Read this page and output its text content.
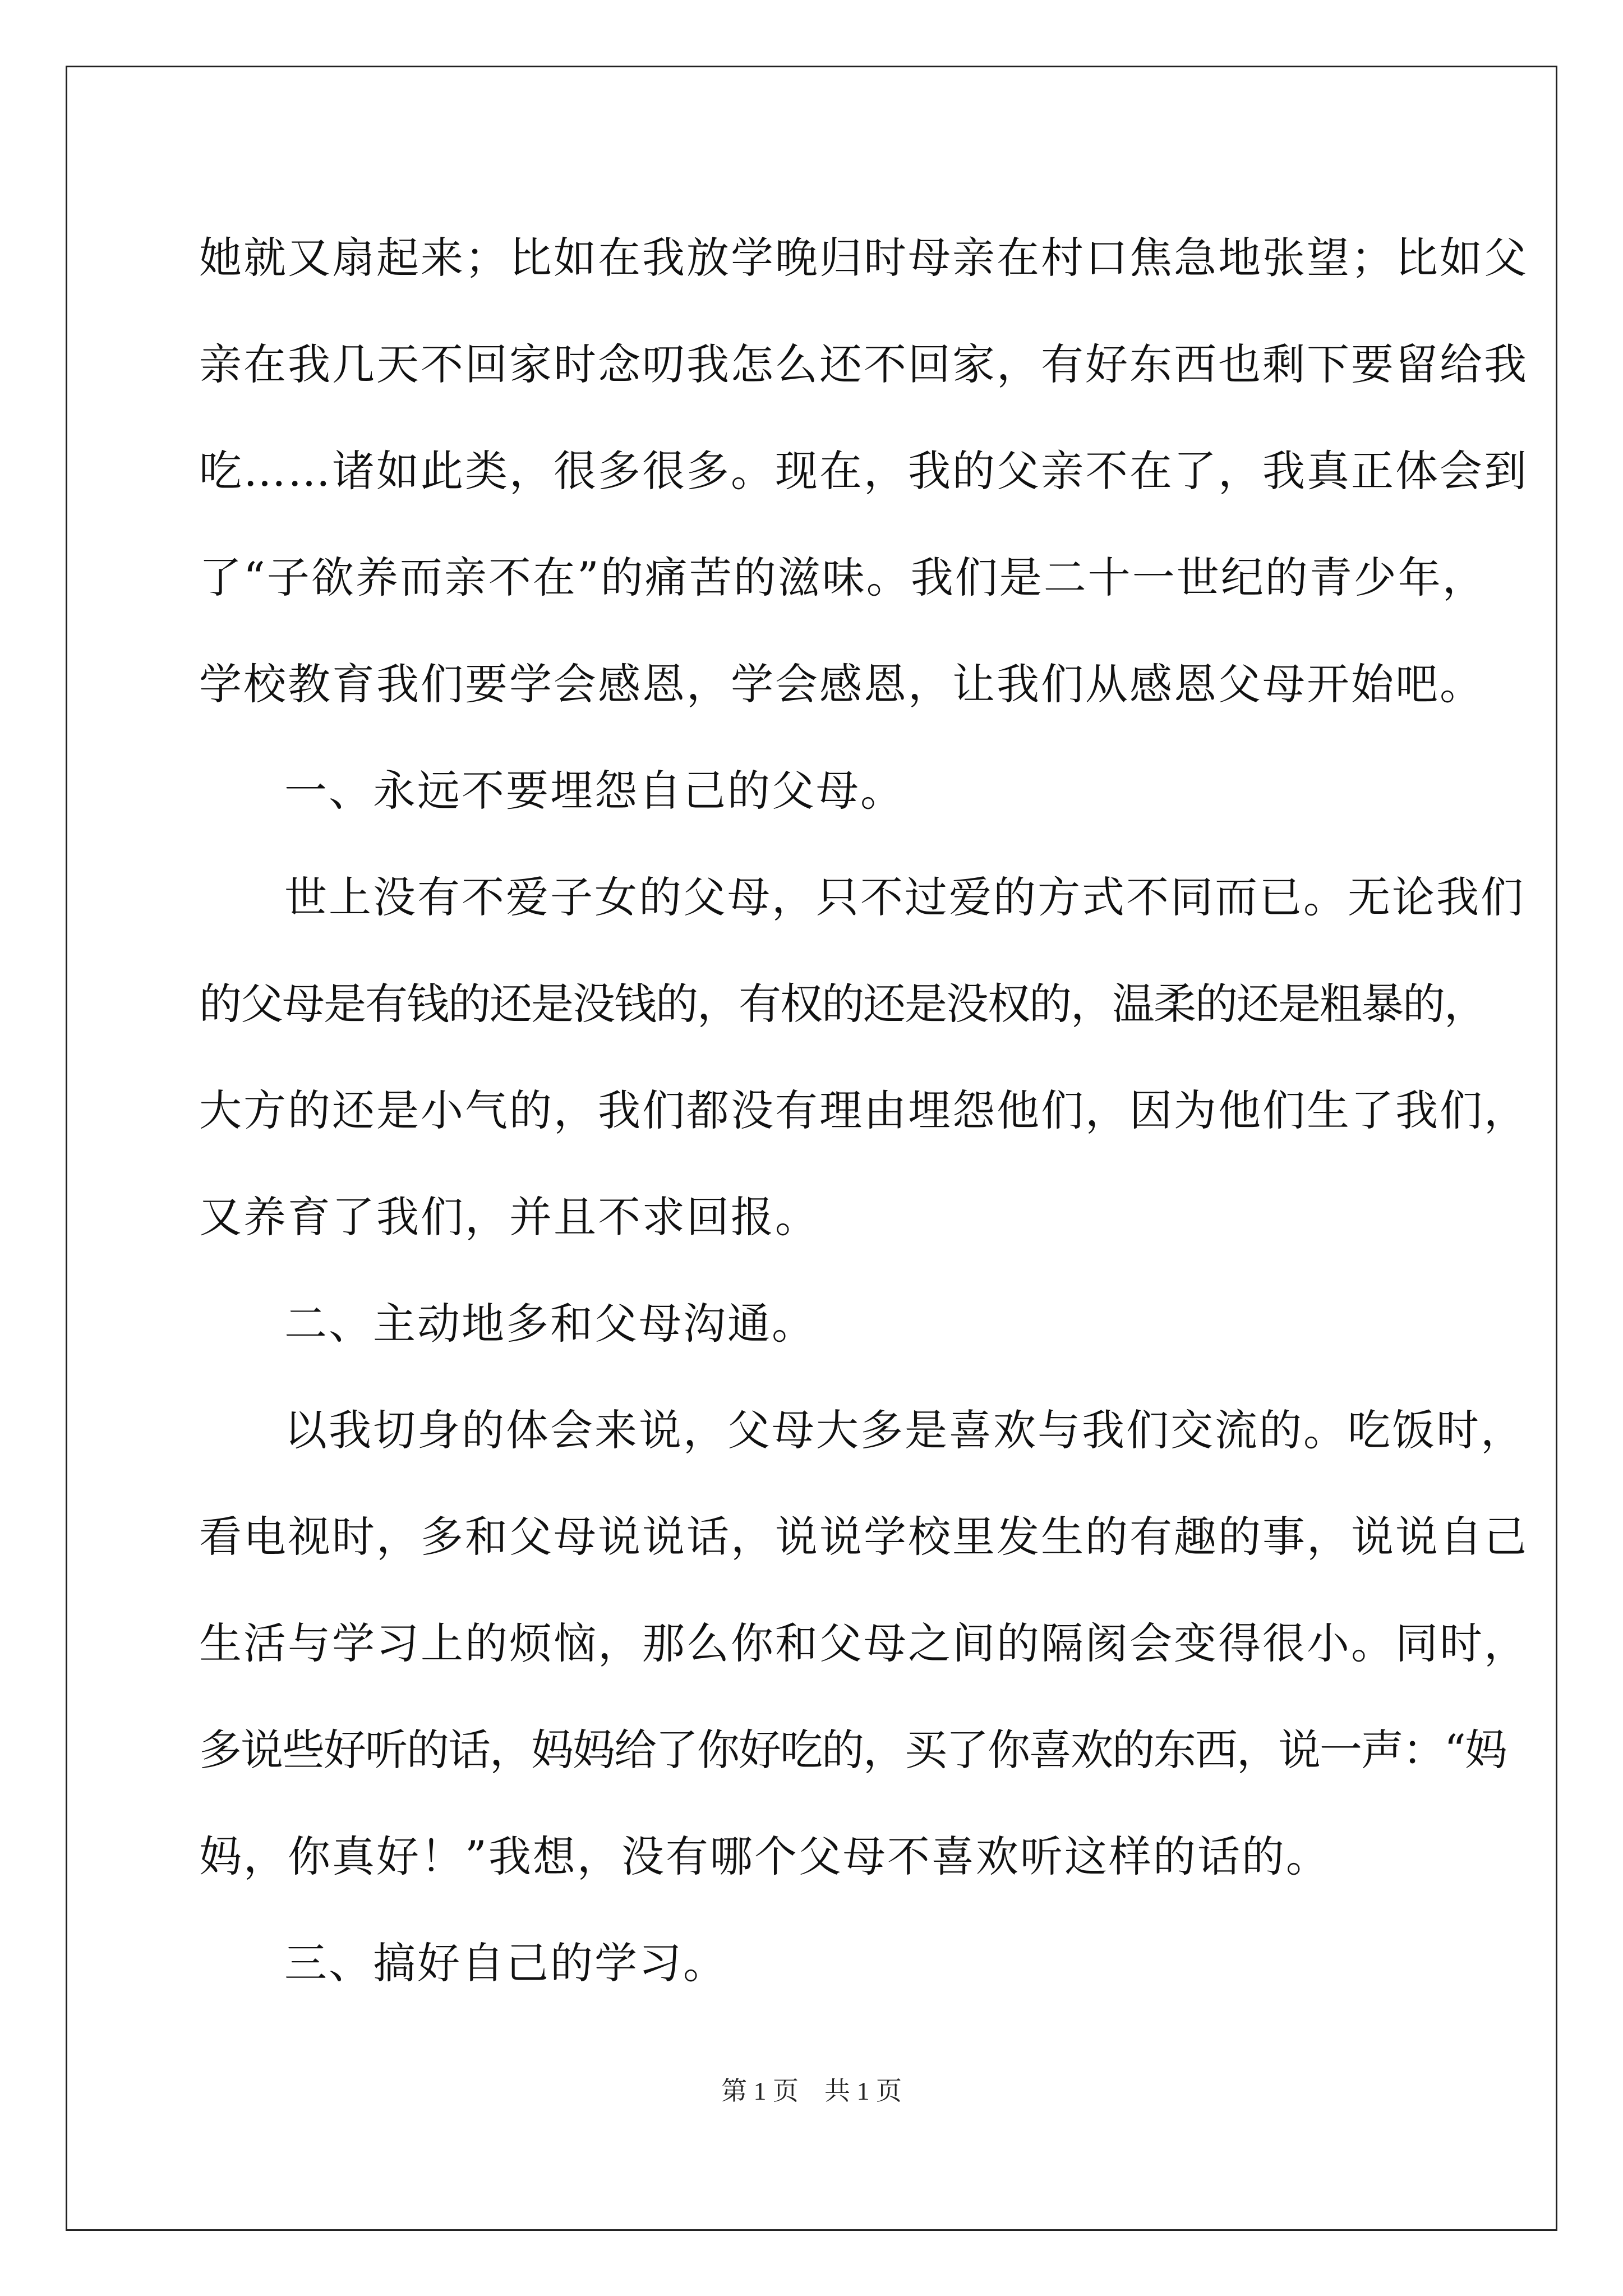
她就又扇起来；比如在我放学晚归时母亲在村口焦急地张望；比如父
亲在我几天不回家时念叨我怎么还不回家，有好东西也剩下要留给我
吃……诸如此类，很多很多。现在，我的父亲不在了，我真正体会到
了“子欲养而亲不在”的痛苦的滋味。我们是二十一世纪的青少年，
学校教育我们要学会感恩，学会感恩，让我们从感恩父母开始吧。
一、永远不要埋怨自己的父母。
世上没有不爱子女的父母，只不过爱的方式不同而已。无论我们
的父母是有钱的还是没钱的，有权的还是没权的，温柔的还是粗暴的，
大方的还是小气的，我们都没有理由埋怨他们，因为他们生了我们，
又养育了我们，并且不求回报。
二、主动地多和父母沟通。
以我切身的体会来说，父母大多是喜欢与我们交流的。吃饭时，
看电视时，多和父母说说话，说说学校里发生的有趣的事，说说自己
生活与学习上的烦恼，那么你和父母之间的隔阂会变得很小。同时，
多说些好听的话，妈妈给了你好吃的，买了你喜欢的东西，说一声：“妈
妈，你真好！”我想，没有哪个父母不喜欢听这样的话的。
三、搞好自己的学习。
第 1 页 共 1 页
